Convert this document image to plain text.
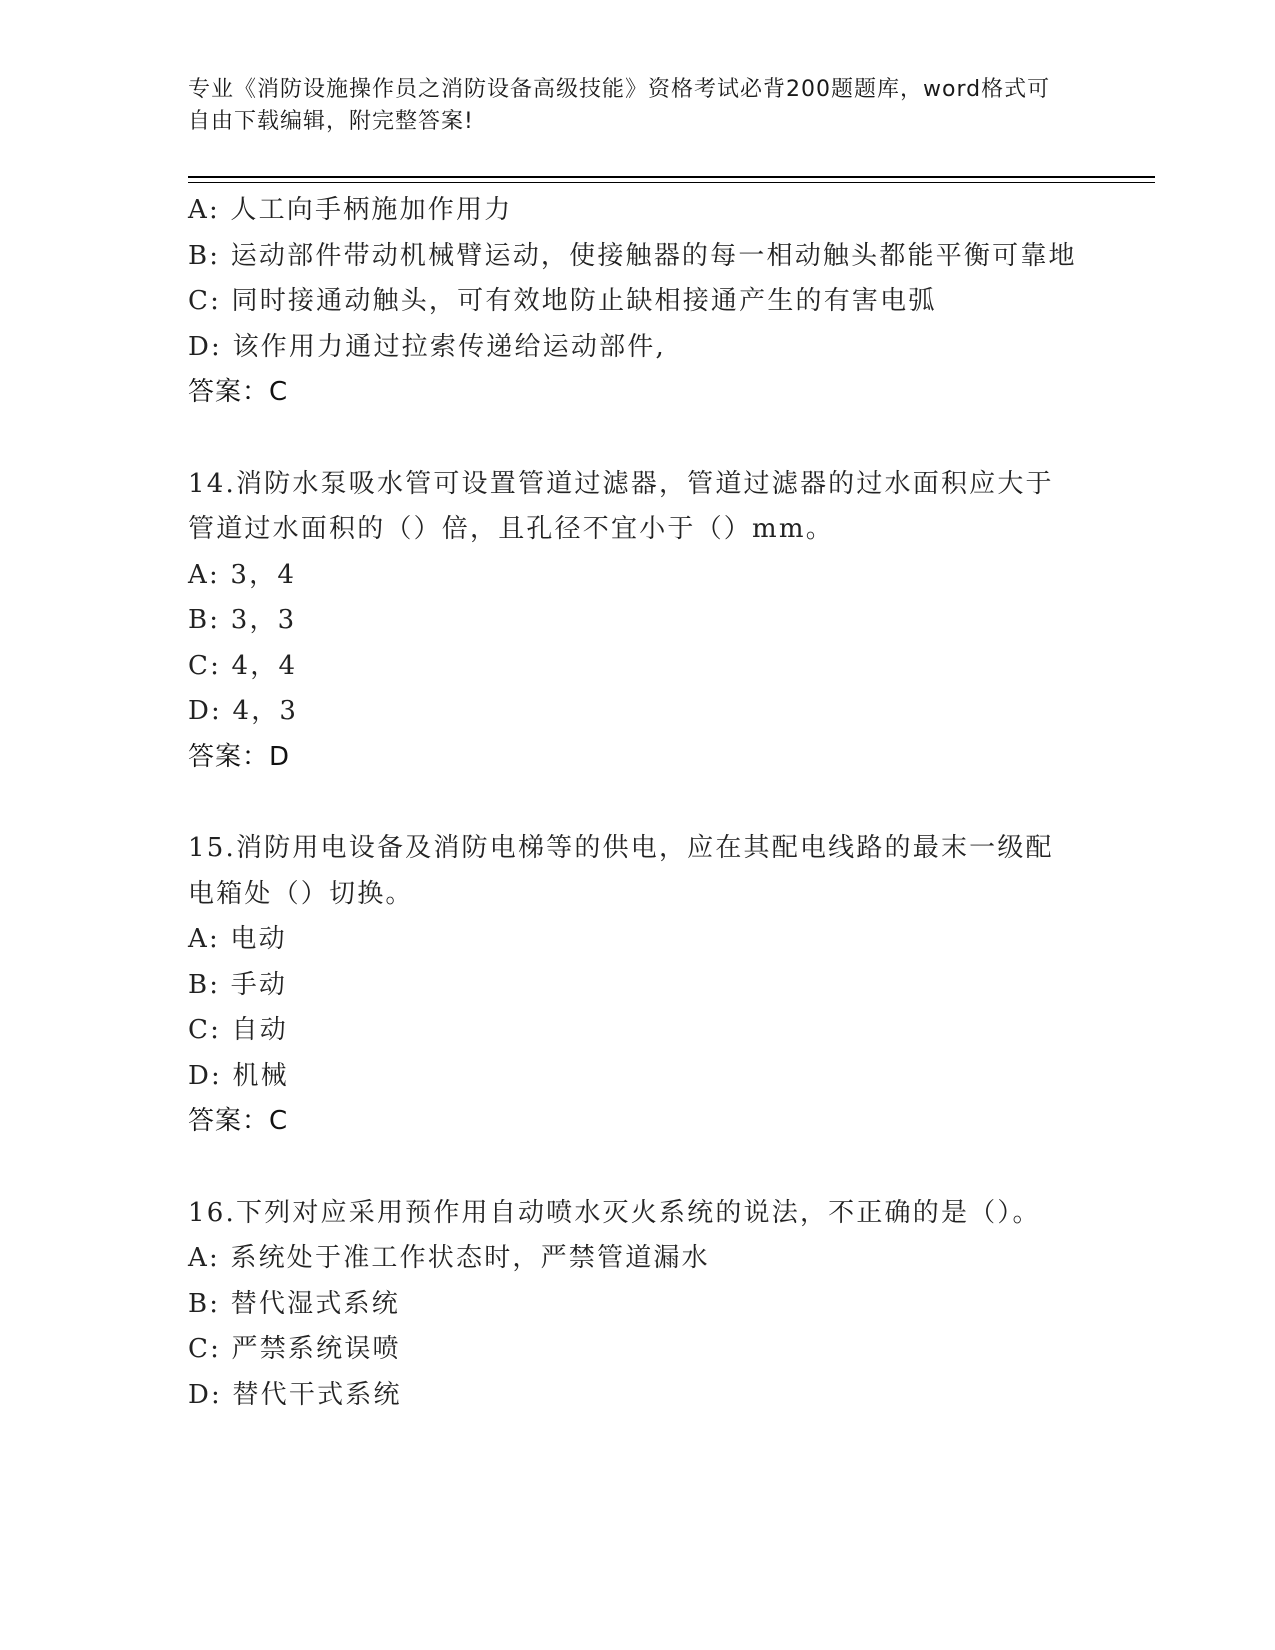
专业《消防设施操作员之消防设备高级技能》资格考试必背200题题库，word格式可自由下载编辑，附完整答案!
A: 人工向手柄施加作用力
B: 运动部件带动机械臂运动，使接触器的每一相动触头都能平衡可靠地
C: 同时接通动触头，可有效地防止缺相接通产生的有害电弧
D: 该作用力通过拉索传递给运动部件,
答案：C
14.消防水泵吸水管可设置管道过滤器，管道过滤器的过水面积应大于管道过水面积的（）倍，且孔径不宜小于（）mm。
A: 3，4
B: 3，3
C: 4，4
D: 4，3
答案：D
15.消防用电设备及消防电梯等的供电，应在其配电线路的最末一级配电箱处（）切换。
A: 电动
B: 手动
C: 自动
D: 机械
答案：C
16.下列对应采用预作用自动喷水灭火系统的说法，不正确的是（）。
A: 系统处于准工作状态时，严禁管道漏水
B: 替代湿式系统
C: 严禁系统误喷
D: 替代干式系统
